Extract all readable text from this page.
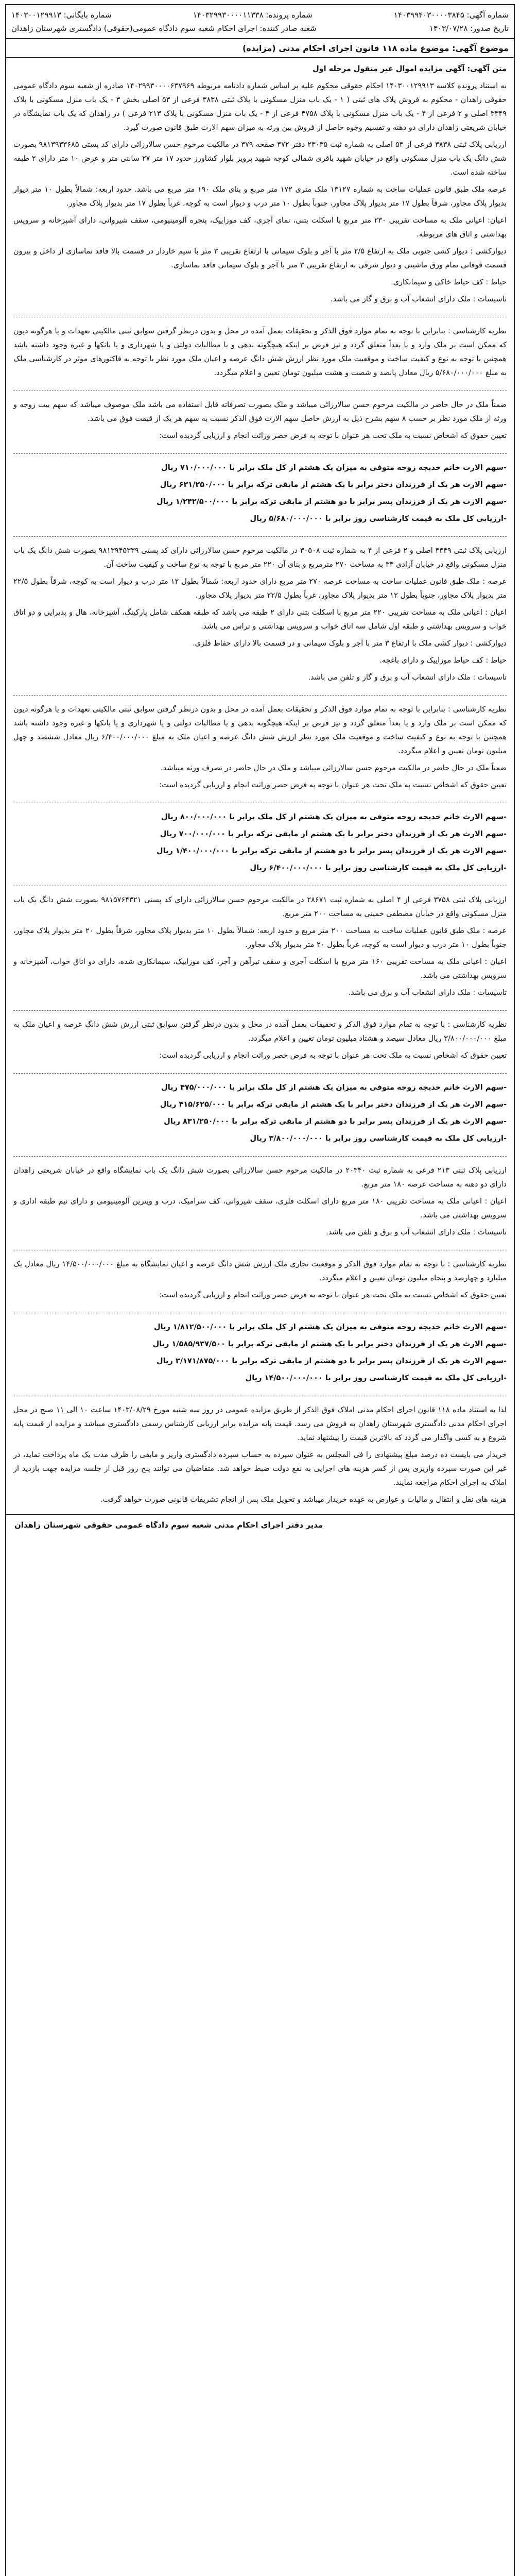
شماره آگهی: ۱۴۰۳۹۹۴۰۳۰۰۰۰۳۸۴۵
شماره پرونده: ۱۴۰۳۲۹۹۳۰۰۰۰۱۱۳۳۸
شماره بایگانی: ۱۴۰۳۰۰۱۲۹۹۱۳
تاریخ صدور: ۱۴۰۳/۰۷/۲۸
شعبه صادر کننده: اجرای احکام شعبه سوم دادگاه عمومی(حقوقی) دادگستری شهرستان زاهدان
موضوع آگهی: موضوع ماده ۱۱۸ قانون اجرای احکام مدنی (مزایده)

متن آگهی: آگهی مزایده اموال غیر منقول مرحله اول

به استناد پرونده کلاسه ۱۴۰۳۰۰۱۲۹۹۱۳ احکام حقوقی محکوم علیه بر اساس شماره دادنامه مربوطه ۱۴۰۲۹۹۳۰۰۰۰۶۳۷۹۶۹ صادره از شعبه سوم دادگاه عمومی حقوقی زاهدان - محکوم به فروش پلاک های ثبتی ( ۱ - یک باب منزل مسکونی با پلاک ثبتی ۳۸۳۸ فرعی از ۵۳ اصلی بخش ۳ - یک باب منزل مسکونی با پلاک ۳۳۴۹ اصلی و ۲ فرعی از ۴ - یک باب منزل مسکونی با پلاک ۳۷۵۸ فرعی از ۴ - یک باب منزل مسکونی با پلاک ۲۱۳ فرعی ) در زاهدان که یک باب نمایشگاه در خیابان شریعتی زاهدان دارای دو دهنه و تقسیم وجوه حاصل از فروش بین ورثه به میزان سهم الارث طبق قانون صورت گیرد.

ارزیابی پلاک ثبتی ۳۸۳۸ فرعی از ۵۳ اصلی به شماره ثبت ۲۳۰۳۵ دفتر ۳۷۲ صفحه ۳۷۹ در مالکیت مرحوم حسن سالارزائی دارای کد پستی ۹۸۱۳۹۳۳۶۸۵ بصورت شش دانگ یک باب منزل مسکونی واقع در خیابان شهید باقری شمالی کوچه شهید پرویز بلوار کشاورز حدود ۱۷ متر ۲۷ سانتی متر و عرض ۱۰ متر دارای ۲ طبقه ساخته شده است.

عرصه ملک طبق قانون عملیات ساخت به شماره ۱۳۱۲۷ ملک متری ۱۷۲ متر مربع و بنای ملک ۱۹۰ متر مربع می باشد. حدود اربعه: شمالاً بطول ۱۰ متر دیوار بدیوار پلاک مجاور، شرقاً بطول ۱۷ متر بدیوار پلاک مجاور، جنوباً بطول ۱۰ متر درب و دیوار است به کوچه، غرباً بطول ۱۷ متر بدیوار پلاک مجاور.

اعیان: اعیانی ملک به مساحت تقریبی ۲۳۰ متر مربع با اسکلت بتنی، نمای آجری، کف موزاییک، پنجره آلومینیومی، سقف شیروانی، دارای آشپزخانه و سرویس بهداشتی و اتاق های مربوطه.

دیوارکشی : دیوار کشی جنوبی ملک به ارتفاع ۲/۵ متر با آجر و بلوک سیمانی با ارتفاع تقریبی ۳ متر با سیم خاردار در قسمت بالا فاقد نماسازی از داخل و بیرون قسمت فوقانی تمام ورق ماشینی و دیوار شرقی به ارتفاع تقریبی ۳ متر با آجر و بلوک سیمانی فاقد نماسازی.

حیاط : کف حیاط خاکی و سیمانکاری.

تاسیسات : ملک دارای انشعاب آب و برق و گاز می باشد.

نظریه کارشناسی : بنابراین با توجه به تمام موارد فوق الذکر و تحقیقات بعمل آمده در محل و بدون درنظر گرفتن سوابق ثبتی مالکیتی تعهدات و یا هرگونه دیون که ممکن است بر ملک وارد و یا بعداً متعلق گردد و نیز فرض بر اینکه هیچگونه بدهی و یا مطالبات دولتی و یا شهرداری و یا بانکها و غیره وجود داشته باشد همچنین با توجه به نوع و کیفیت ساخت و موقعیت ملک مورد نظر ارزش شش دانگ عرصه و اعیان ملک مورد نظر با توجه به فاکتورهای موثر در کارشناسی ملک به مبلغ ۵/۶۸۰/۰۰۰/۰۰۰ ریال معادل پانصد و شصت و هشت میلیون تومان تعیین و اعلام میگردد.

ضمناً ملک در حال حاضر در مالکیت مرحوم حسن سالارزائی میباشد و ملک بصورت تصرفاته قابل استفاده می باشد ملک موصوف میباشد که سهم بیت زوجه و ورثه از ملک مورد نظر بر حسب ۸ سهم بشرح ذیل به ارزش حاصل سهم الارث فوق الذکر نسبت به سهم هر یک از قیمت فوق می باشد.

تعیین حقوق که اشخاص نسبت به ملک تحت هر عنوان با توجه به فرض حصر وراثت انجام و ارزیابی گردیده است:

-سهم الارث خانم خدیجه زوجه متوفی به میزان یک هشتم از کل ملک برابر با ۷۱۰/۰۰۰/۰۰۰ ریال

-سهم الارث هر یک از فرزندان دختر برابر با یک هشتم از مابقی ترکه برابر با ۶۲۱/۲۵۰/۰۰۰ ریال

-سهم الارث هر یک از فرزندان پسر برابر با دو هشتم از مابقی ترکه برابر با ۱/۲۴۲/۵۰۰/۰۰۰ ریال

-ارزیابی کل ملک به قیمت کارشناسی روز برابر با ۵/۶۸۰/۰۰۰/۰۰۰ ریال

ارزیابی پلاک ثبتی ۳۳۴۹ اصلی و ۲ فرعی از ۴ به شماره ثبت ۳۰۵۰۸ در مالکیت مرحوم حسن سالارزائی دارای کد پستی ۹۸۱۳۹۴۵۳۳۹ بصورت شش دانگ یک باب منزل مسکونی واقع در خیابان آزادی ۳۳ به مساحت ۲۷۰ مترمربع و بنای آن ۲۲۰ متر مربع با توجه به نوع ساخت و کیفیت ساخت آن.

عرصه : ملک طبق قانون عملیات ساخت به مساحت عرصه ۲۷۰ متر مربع دارای حدود اربعه: شمالاً بطول ۱۲ متر درب و دیوار است به کوچه، شرقاً بطول ۲۲/۵ متر بدیوار پلاک مجاور، جنوباً بطول ۱۲ متر بدیوار پلاک مجاور، غرباً بطول ۲۲/۵ متر بدیوار پلاک مجاور.

اعیان : اعیانی ملک به مساحت تقریبی ۲۲۰ متر مربع با اسکلت بتنی دارای ۲ طبقه می باشد که طبقه همکف شامل پارکینگ، آشپزخانه، هال و پذیرایی و دو اتاق خواب و سرویس بهداشتی و طبقه اول شامل سه اتاق خواب و سرویس بهداشتی و تراس می باشد.

دیوارکشی : دیوار کشی ملک با ارتفاع ۳ متر با آجر و بلوک سیمانی و در قسمت بالا دارای حفاظ فلزی.

حیاط : کف حیاط موزاییک و دارای باغچه.

تاسیسات : ملک دارای انشعاب آب و برق و گاز و تلفن می باشد.

نظریه کارشناسی : بنابراین با توجه به تمام موارد فوق الذکر و تحقیقات بعمل آمده در محل و بدون درنظر گرفتن سوابق ثبتی مالکیتی تعهدات و یا هرگونه دیون که ممکن است بر ملک وارد و یا بعداً متعلق گردد و نیز فرض بر اینکه هیچگونه بدهی و یا مطالبات دولتی و یا شهرداری و یا بانکها و غیره وجود داشته باشد همچنین با توجه به نوع و کیفیت ساخت و موقعیت ملک مورد نظر ارزش شش دانگ عرصه و اعیان ملک به مبلغ ۶/۴۰۰/۰۰۰/۰۰۰ ریال معادل ششصد و چهل میلیون تومان تعیین و اعلام میگردد.

ضمناً ملک در حال حاضر در مالکیت مرحوم حسن سالارزائی میباشد و ملک در حال حاضر در تصرف ورثه میباشد.

تعیین حقوق که اشخاص نسبت به ملک تحت هر عنوان با توجه به فرض حصر وراثت انجام و ارزیابی گردیده است:

-سهم الارث خانم خدیجه زوجه متوفی به میزان یک هشتم از کل ملک برابر با ۸۰۰/۰۰۰/۰۰۰ ریال

-سهم الارث هر یک از فرزندان دختر برابر با یک هشتم از مابقی ترکه برابر با ۷۰۰/۰۰۰/۰۰۰ ریال

-سهم الارث هر یک از فرزندان پسر برابر با دو هشتم از مابقی ترکه برابر با ۱/۴۰۰/۰۰۰/۰۰۰ ریال

-ارزیابی کل ملک به قیمت کارشناسی روز برابر با ۶/۴۰۰/۰۰۰/۰۰۰ ریال

ارزیابی پلاک ثبتی ۳۷۵۸ فرعی از ۴ اصلی به شماره ثبت ۲۸۶۷۱ در مالکیت مرحوم حسن سالارزائی دارای کد پستی ۹۸۱۵۷۶۴۳۲۱ بصورت شش دانگ یک باب منزل مسکونی واقع در خیابان مصطفی خمینی به مساحت ۲۰۰ متر مربع.

عرصه : ملک طبق قانون عملیات ساخت به مساحت ۲۰۰ متر مربع و حدود اربعه: شمالاً بطول ۱۰ متر بدیوار پلاک مجاور، شرقاً بطول ۲۰ متر بدیوار پلاک مجاور، جنوباً بطول ۱۰ متر درب و دیوار است به کوچه، غرباً بطول ۲۰ متر بدیوار پلاک مجاور.

اعیان : اعیانی ملک به مساحت تقریبی ۱۶۰ متر مربع با اسکلت آجری و سقف تیرآهن و آجر، کف موزاییک، سیمانکاری شده، دارای دو اتاق خواب، آشپزخانه و سرویس بهداشتی می باشد.

تاسیسات : ملک دارای انشعاب آب و برق می باشد.

نظریه کارشناسی : با توجه به تمام موارد فوق الذکر و تحقیقات بعمل آمده در محل و بدون درنظر گرفتن سوابق ثبتی ارزش شش دانگ عرصه و اعیان ملک به مبلغ ۳/۸۰۰/۰۰۰/۰۰۰ ریال معادل سیصد و هشتاد میلیون تومان تعیین و اعلام میگردد.

تعیین حقوق که اشخاص نسبت به ملک تحت هر عنوان با توجه به فرض حصر وراثت انجام و ارزیابی گردیده است:

-سهم الارث خانم خدیجه زوجه متوفی به میزان یک هشتم از کل ملک برابر با ۴۷۵/۰۰۰/۰۰۰ ریال

-سهم الارث هر یک از فرزندان دختر برابر با یک هشتم از مابقی ترکه برابر با ۴۱۵/۶۲۵/۰۰۰ ریال

-سهم الارث هر یک از فرزندان پسر برابر با دو هشتم از مابقی ترکه برابر با ۸۳۱/۲۵۰/۰۰۰ ریال

-ارزیابی کل ملک به قیمت کارشناسی روز برابر با ۳/۸۰۰/۰۰۰/۰۰۰ ریال

ارزیابی پلاک ثبتی ۲۱۳ فرعی به شماره ثبت ۲۰۳۴۰ در مالکیت مرحوم حسن سالارزائی بصورت شش دانگ یک باب نمایشگاه واقع در خیابان شریعتی زاهدان دارای دو دهنه به مساحت عرصه ۱۸۰ متر مربع.

اعیان : اعیانی ملک به مساحت تقریبی ۱۸۰ متر مربع دارای اسکلت فلزی، سقف شیروانی، کف سرامیک، درب و ویترین آلومینیومی و دارای نیم طبقه اداری و سرویس بهداشتی می باشد.

تاسیسات : ملک دارای انشعاب آب و برق و تلفن می باشد.

نظریه کارشناسی : با توجه به تمام موارد فوق الذکر و موقعیت تجاری ملک ارزش شش دانگ عرصه و اعیان نمایشگاه به مبلغ ۱۴/۵۰۰/۰۰۰/۰۰۰ ریال معادل یک میلیارد و چهارصد و پنجاه میلیون تومان تعیین و اعلام میگردد.

تعیین حقوق که اشخاص نسبت به ملک تحت هر عنوان با توجه به فرض حصر وراثت انجام و ارزیابی گردیده است:

-سهم الارث خانم خدیجه زوجه متوفی به میزان یک هشتم از کل ملک برابر با ۱/۸۱۲/۵۰۰/۰۰۰ ریال

-سهم الارث هر یک از فرزندان دختر برابر با یک هشتم از مابقی ترکه برابر با ۱/۵۸۵/۹۳۷/۵۰۰ ریال

-سهم الارث هر یک از فرزندان پسر برابر با دو هشتم از مابقی ترکه برابر با ۳/۱۷۱/۸۷۵/۰۰۰ ریال

-ارزیابی کل ملک به قیمت کارشناسی روز برابر با ۱۴/۵۰۰/۰۰۰/۰۰۰ ریال

لذا به استناد ماده ۱۱۸ قانون اجرای احکام مدنی املاک فوق الذکر از طریق مزایده عمومی در روز سه شنبه مورخ ۱۴۰۳/۰۸/۲۹ ساعت ۱۰ الی ۱۱ صبح در محل اجرای احکام مدنی دادگستری شهرستان زاهدان به فروش می رسد. قیمت پایه مزایده برابر ارزیابی کارشناس رسمی دادگستری میباشد و مزایده از قیمت پایه شروع و به کسی واگذار می گردد که بالاترین قیمت را پیشنهاد نماید.

خریدار می بایست ده درصد مبلغ پیشنهادی را فی المجلس به عنوان سپرده به حساب سپرده دادگستری واریز و مابقی را ظرف مدت یک ماه پرداخت نماید، در غیر این صورت سپرده واریزی پس از کسر هزینه های اجرایی به نفع دولت ضبط خواهد شد. متقاضیان می توانند پنج روز قبل از جلسه مزایده جهت بازدید از املاک به اجرای احکام مراجعه نمایند.

هزینه های نقل و انتقال و مالیات و عوارض به عهده خریدار میباشد و تحویل ملک پس از انجام تشریفات قانونی صورت خواهد گرفت.

مدیر دفتر اجرای احکام مدنی شعبه سوم دادگاه عمومی حقوقی شهرستان زاهدان
